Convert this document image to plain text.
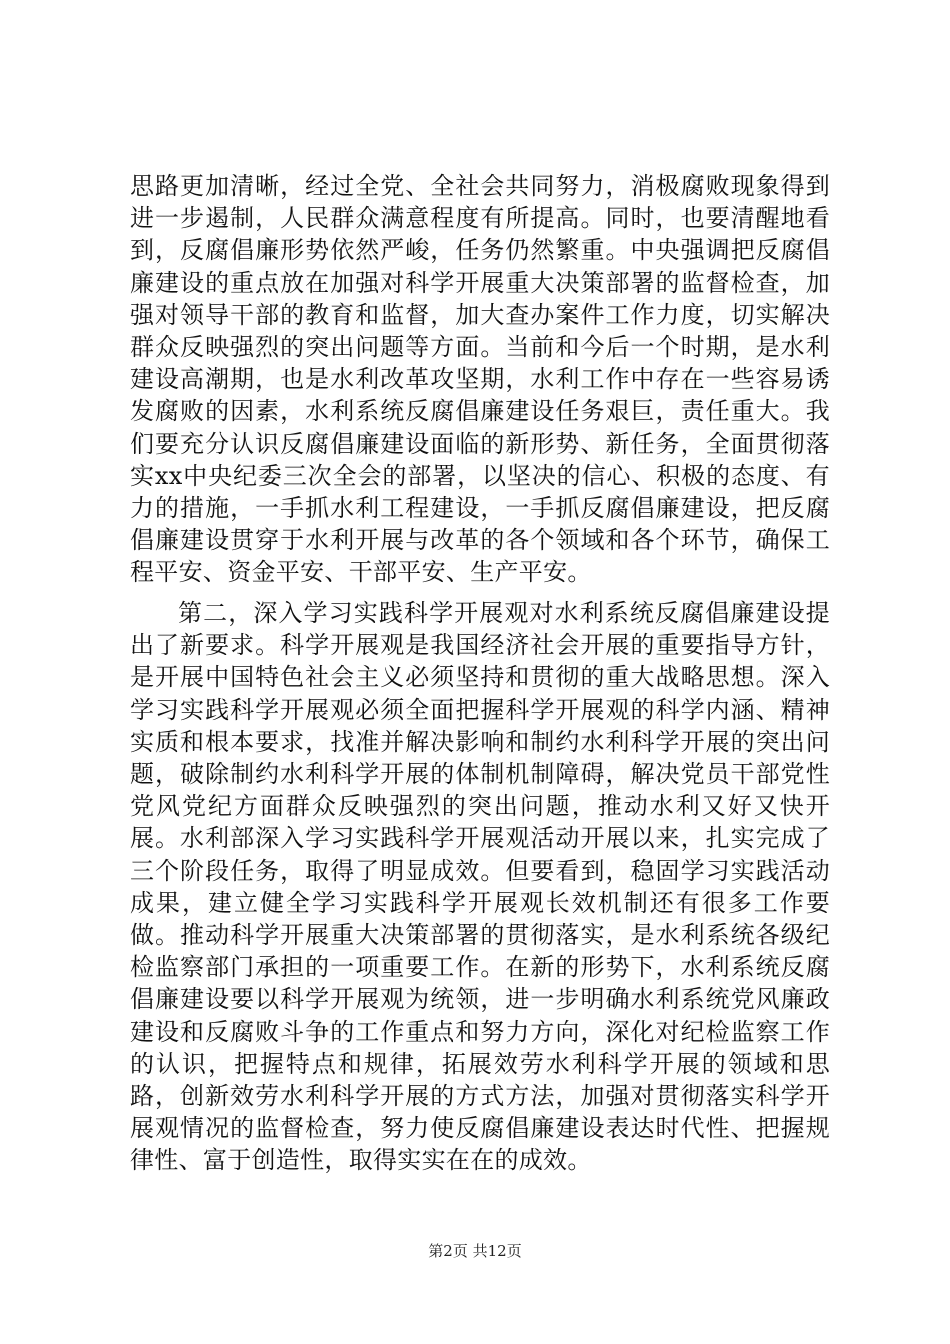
思路更加清晰，经过全党、全社会共同努力，消极腐败现象得到进一步遏制，人民群众满意程度有所提高。同时，也要清醒地看到，反腐倡廉形势依然严峻，任务仍然繁重。中央强调把反腐倡廉建设的重点放在加强对科学开展重大决策部署的监督检查，加强对领导干部的教育和监督，加大查办案件工作力度，切实解决群众反映强烈的突出问题等方面。当前和今后一个时期，是水利建设高潮期，也是水利改革攻坚期，水利工作中存在一些容易诱发腐败的因素，水利系统反腐倡廉建设任务艰巨，责任重大。我们要充分认识反腐倡廉建设面临的新形势、新任务，全面贯彻落实xx中央纪委三次全会的部署，以坚决的信心、积极的态度、有力的措施，一手抓水利工程建设，一手抓反腐倡廉建设，把反腐倡廉建设贯穿于水利开展与改革的各个领域和各个环节，确保工程平安、资金平安、干部平安、生产平安。

第二，深入学习实践科学开展观对水利系统反腐倡廉建设提出了新要求。科学开展观是我国经济社会开展的重要指导方针，是开展中国特色社会主义必须坚持和贯彻的重大战略思想。深入学习实践科学开展观必须全面把握科学开展观的科学内涵、精神实质和根本要求，找准并解决影响和制约水利科学开展的突出问题，破除制约水利科学开展的体制机制障碍，解决党员干部党性党风党纪方面群众反映强烈的突出问题，推动水利又好又快开展。水利部深入学习实践科学开展观活动开展以来，扎实完成了三个阶段任务，取得了明显成效。但要看到，稳固学习实践活动成果，建立健全学习实践科学开展观长效机制还有很多工作要做。推动科学开展重大决策部署的贯彻落实，是水利系统各级纪检监察部门承担的一项重要工作。在新的形势下，水利系统反腐倡廉建设要以科学开展观为统领，进一步明确水利系统党风廉政建设和反腐败斗争的工作重点和努力方向，深化对纪检监察工作的认识，把握特点和规律，拓展效劳水利科学开展的领域和思路，创新效劳水利科学开展的方式方法，加强对贯彻落实科学开展观情况的监督检查，努力使反腐倡廉建设表达时代性、把握规律性、富于创造性，取得实实在在的成效。

第2页 共12页
